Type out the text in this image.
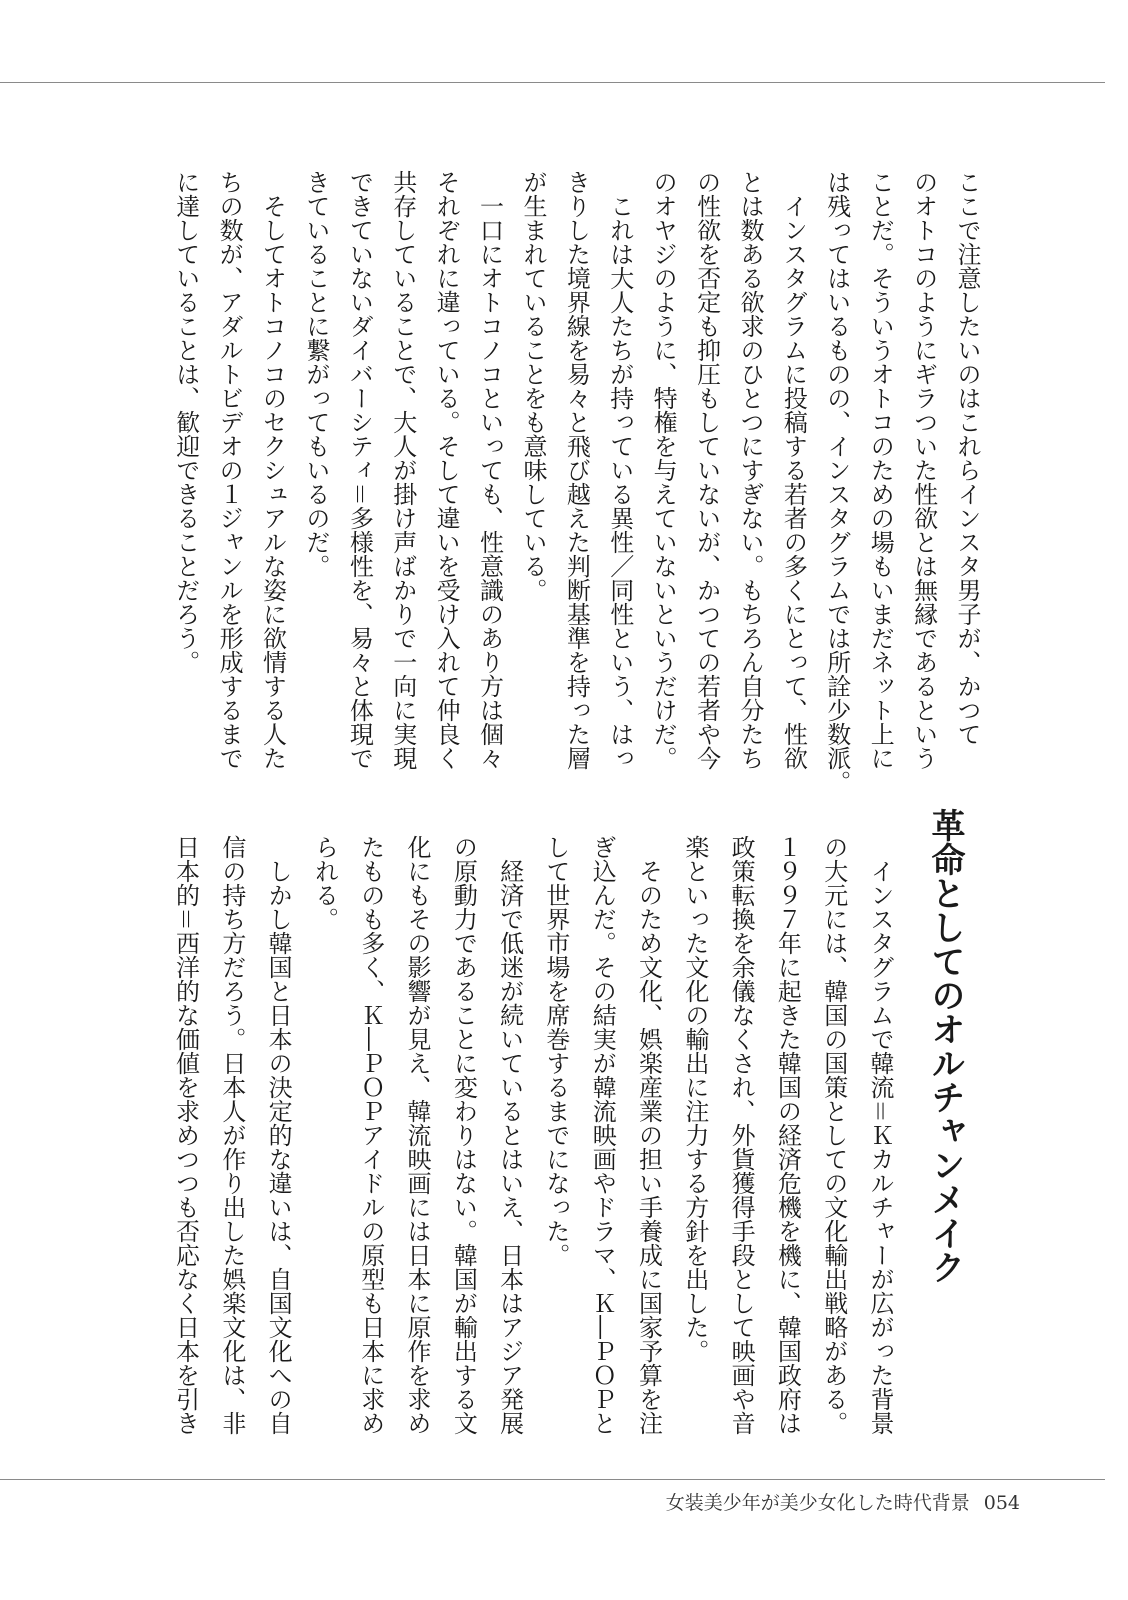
ここで注意したいのはこれらインスタ男子が、かつて
のオトコのようにギラついた性欲とは無縁であるという
ことだ。そういうオトコのための場もいまだネット上に
は残ってはいるものの、インスタグラムでは所詮少数派。
　インスタグラムに投稿する若者の多くにとって、性欲
とは数ある欲求のひとつにすぎない。もちろん自分たち
の性欲を否定も抑圧もしていないが、かつての若者や今
のオヤジのように、特権を与えていないというだけだ。
　これは大人たちが持っている異性／同性という、はっ
きりした境界線を易々と飛び越えた判断基準を持った層
が生まれていることをも意味している。
　一口にオトコノコといっても、性意識のあり方は個々
それぞれに違っている。そして違いを受け入れて仲良く
共存していることで、大人が掛け声ばかりで一向に実現
できていないダイバーシティ＝多様性を、易々と体現で
きていることに繋がってもいるのだ。
　そしてオトコノコのセクシュアルな姿に欲情する人た
ちの数が、アダルトビデオの１ジャンルを形成するまで
に達していることは、歓迎できることだろう。
革命としてのオルチャンメイク
　インスタグラムで韓流＝Ｋカルチャーが広がった背景
の大元には、韓国の国策としての文化輸出戦略がある。
１９９７年に起きた韓国の経済危機を機に、韓国政府は
政策転換を余儀なくされ、外貨獲得手段として映画や音
楽といった文化の輸出に注力する方針を出した。
　そのため文化、娯楽産業の担い手養成に国家予算を注
ぎ込んだ。その結実が韓流映画やドラマ、Ｋ―ＰＯＰと
して世界市場を席巻するまでになった。
　経済で低迷が続いているとはいえ、日本はアジア発展
の原動力であることに変わりはない。韓国が輸出する文
化にもその影響が見え、韓流映画には日本に原作を求め
たものも多く、Ｋ―ＰＯＰアイドルの原型も日本に求め
られる。
　しかし韓国と日本の決定的な違いは、自国文化への自
信の持ち方だろう。日本人が作り出した娯楽文化は、非
日本的＝西洋的な価値を求めつつも否応なく日本を引き
女装美少年が美少女化した時代背景 054
